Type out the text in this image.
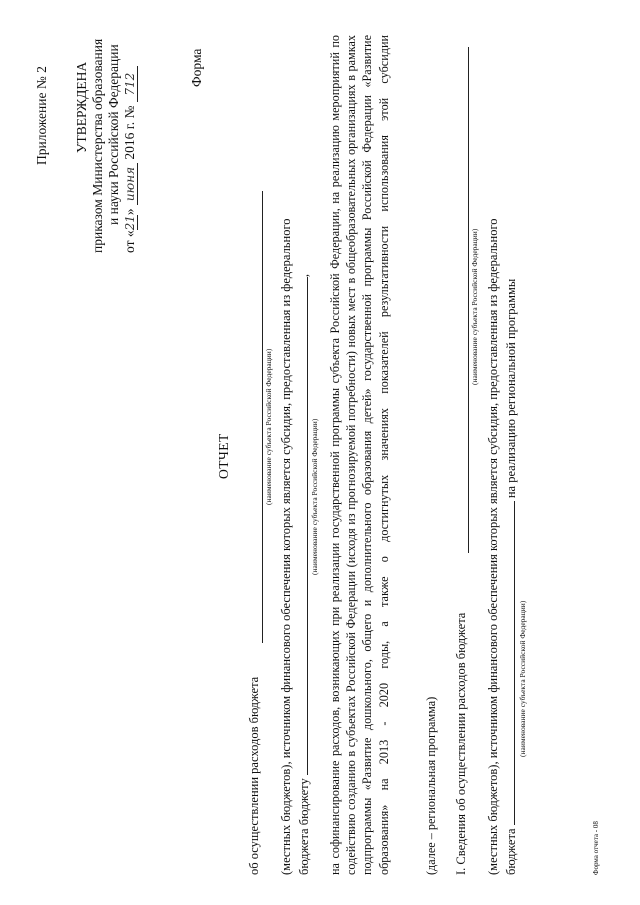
Приложение № 2 УТВЕРЖДЕНА приказом Министерства образования и науки Российской Федерации
от «21» июня 2016 г. № 712	Форма
ОТЧЕТ
об осуществлении расходов бюджета
(наименование субъекта Российской Федерации) (местных бюджетов), источником финансового обеспечения которых является субсидия, предоставленная из федерального бюджета бюджету ,
(наименование субъекта Российской Федерации) на софинансирование расходов, возникающих при реализации государственной программы субъекта Российской Федерации, на реализацию мероприятий по содействию созданию в субъектах Российской Федерации (исходя из прогнозируемой потребности) новых мест в общеобразовательных организациях в рамках подпрограммы «Развитие дошкольного, общего и дополнительного образования детей» государственной программы Российской Федерации «Развитие образования» на 2013 - 2020 годы, а также о достигнутых значениях показателей результативности использования этой субсидии	(далее – региональная программа) I. Сведения об осуществлении расходов бюджета
(наименование субъекта Российской Федерации) (местных бюджетов), источником финансового обеспечения которых является субсидия, предоставленная из федерального бюджета  на реализацию региональной программы
(наименование субъекта Российской Федерации)
Форма отчета - 08
